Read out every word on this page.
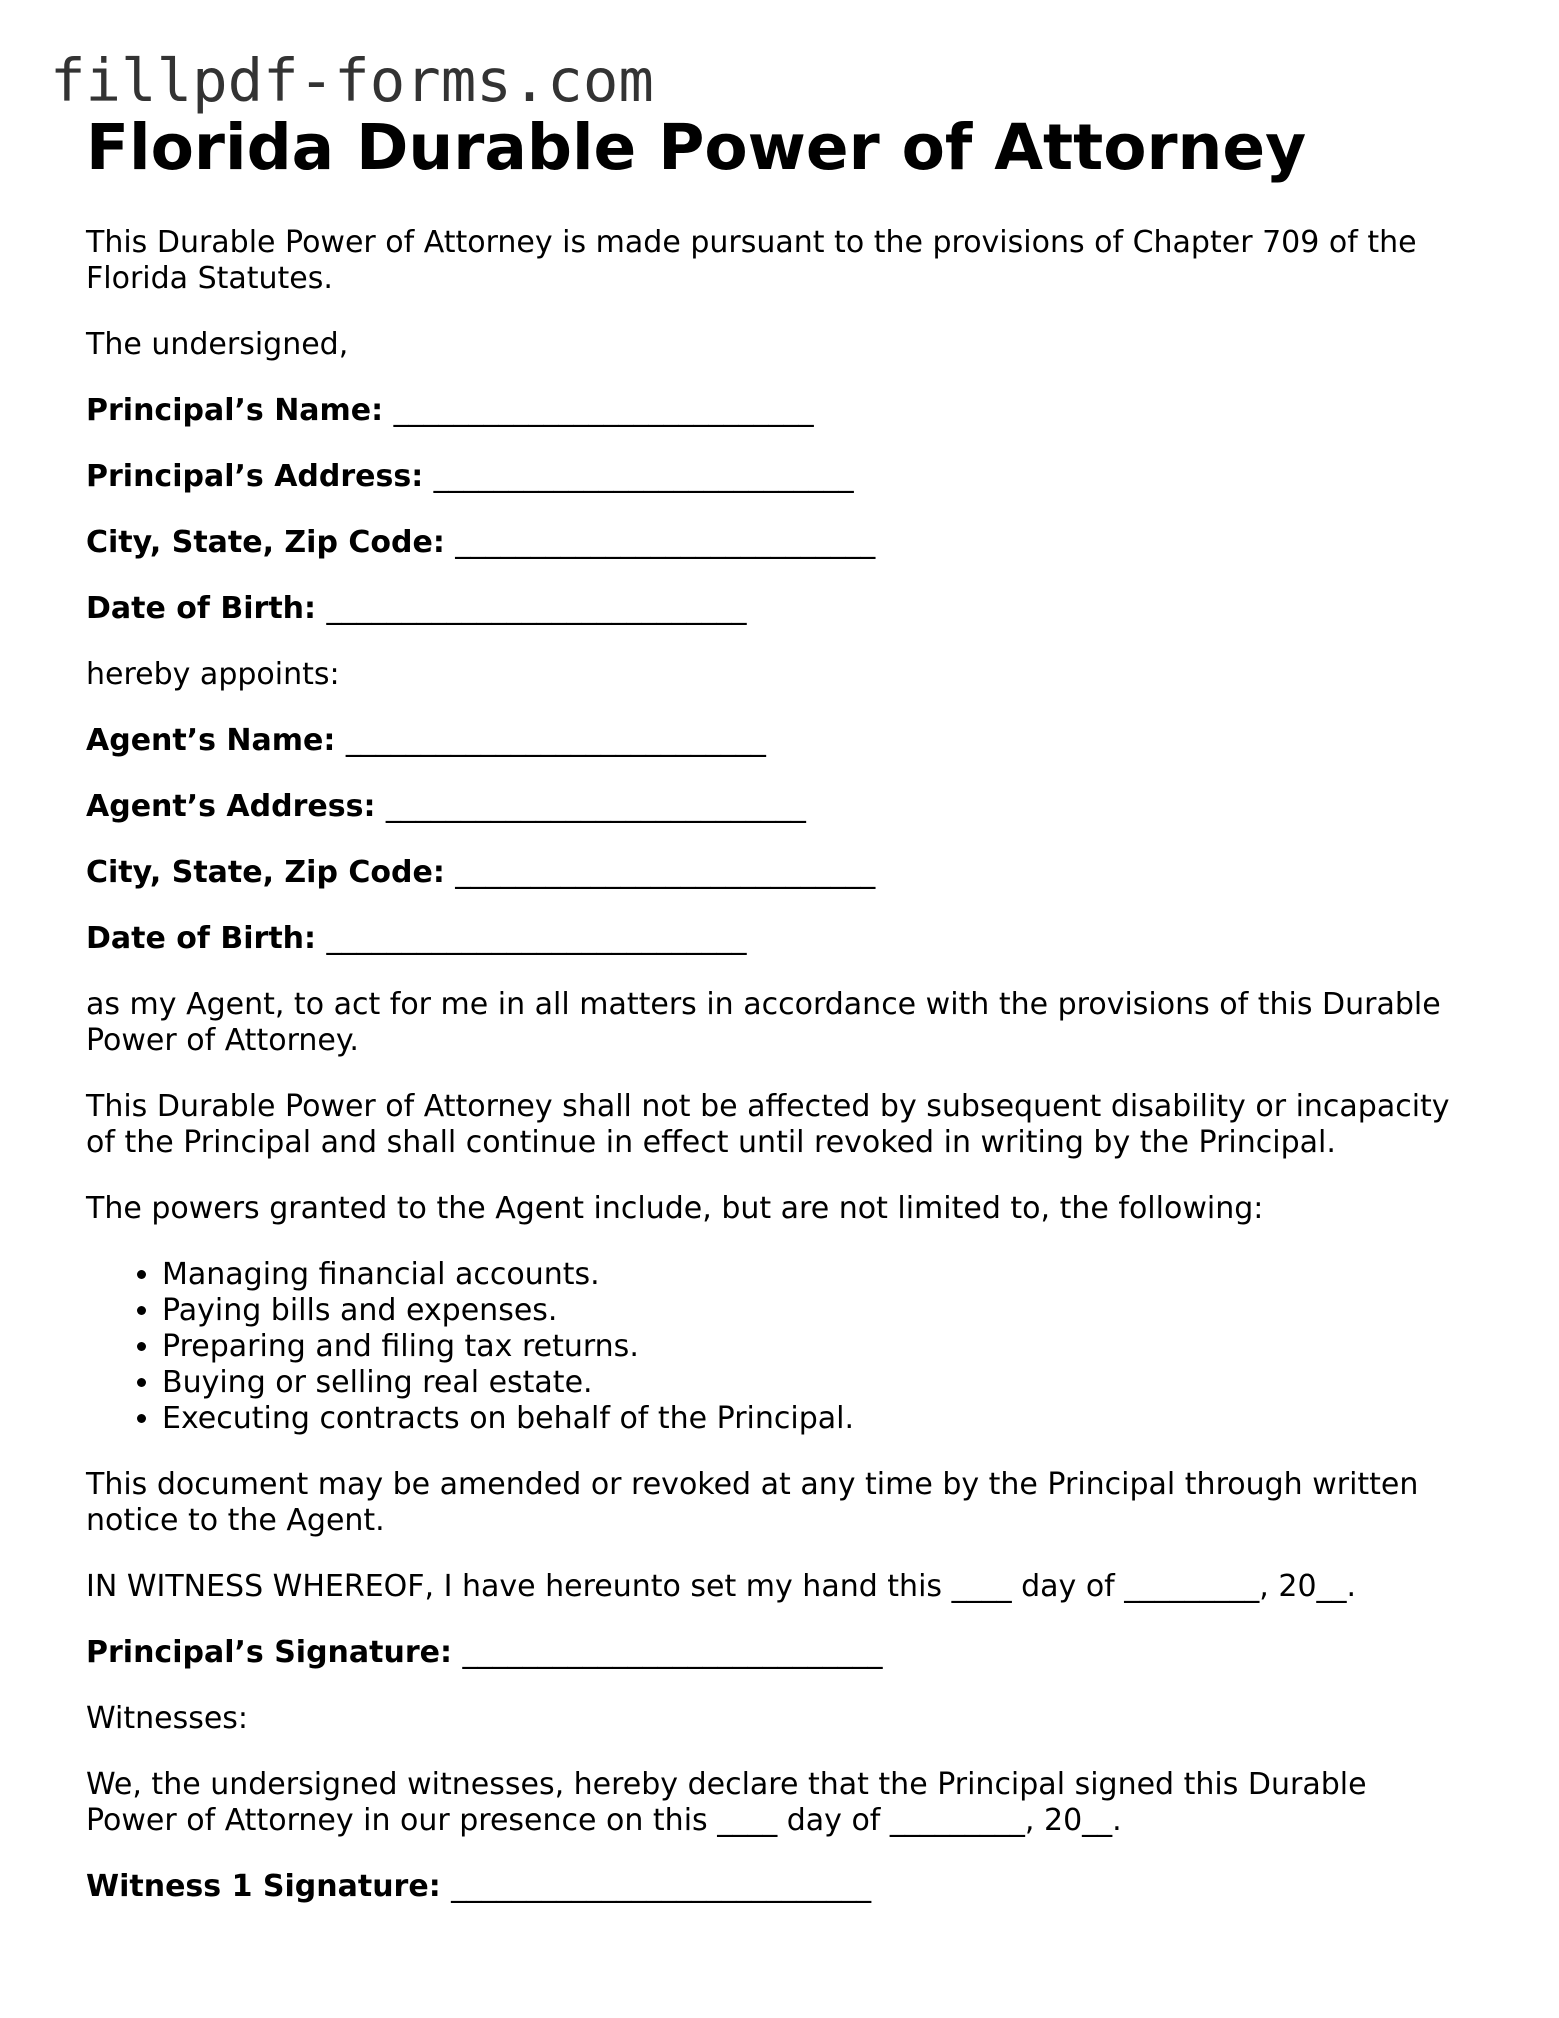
fillpdf-forms.com
Florida Durable Power of Attorney

This Durable Power of Attorney is made pursuant to the provisions of Chapter 709 of the Florida Statutes.

The undersigned,

Principal’s Name: ____________________________

Principal’s Address: ____________________________

City, State, Zip Code: ____________________________

Date of Birth: ____________________________

hereby appoints:

Agent’s Name: ____________________________

Agent’s Address: ____________________________

City, State, Zip Code: ____________________________

Date of Birth: ____________________________

as my Agent, to act for me in all matters in accordance with the provisions of this Durable Power of Attorney.

This Durable Power of Attorney shall not be affected by subsequent disability or incapacity of the Principal and shall continue in effect until revoked in writing by the Principal.

The powers granted to the Agent include, but are not limited to, the following:

• Managing financial accounts.
• Paying bills and expenses.
• Preparing and filing tax returns.
• Buying or selling real estate.
• Executing contracts on behalf of the Principal.

This document may be amended or revoked at any time by the Principal through written notice to the Agent.

IN WITNESS WHEREOF, I have hereunto set my hand this ____ day of _________, 20__.

Principal’s Signature: ____________________________

Witnesses:

We, the undersigned witnesses, hereby declare that the Principal signed this Durable Power of Attorney in our presence on this ____ day of _________, 20__.

Witness 1 Signature: ____________________________
